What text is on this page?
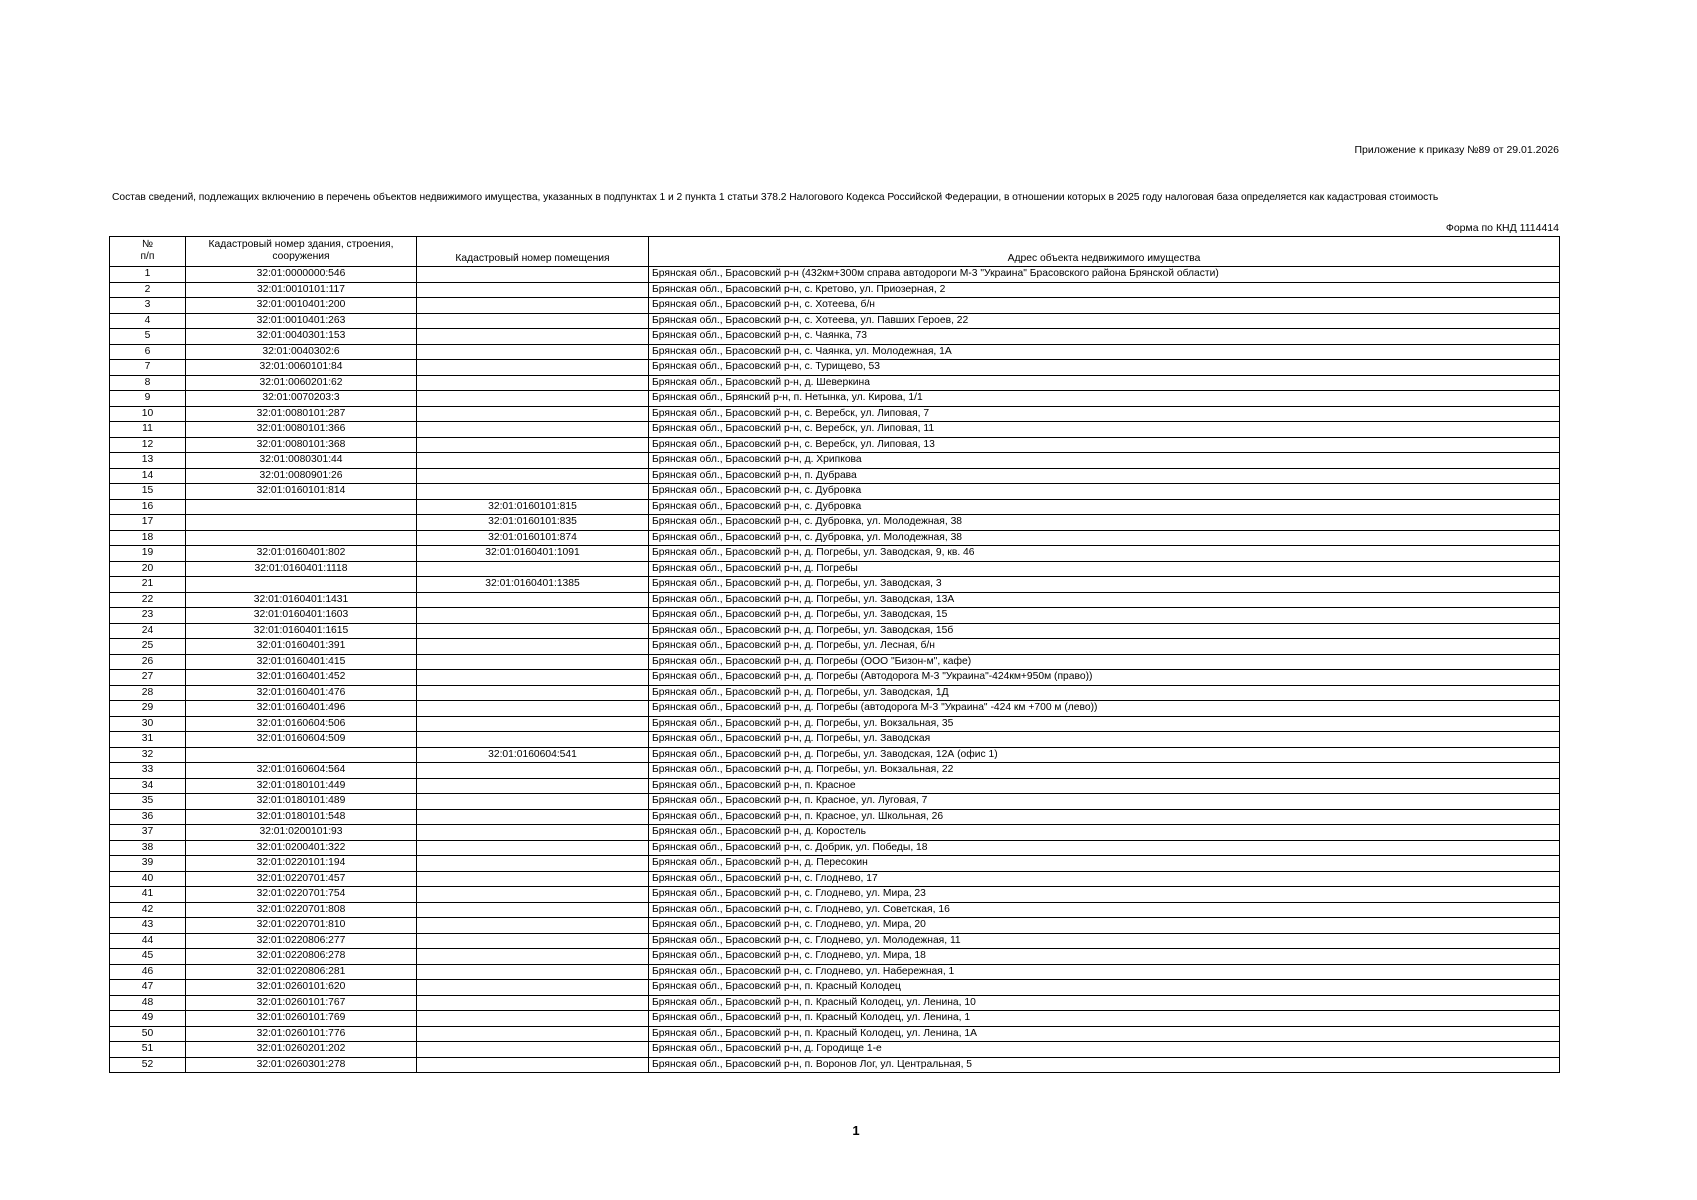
Приложение к приказу №89 от 29.01.2026
Состав сведений, подлежащих включению в перечень объектов недвижимого имущества, указанных в подпунктах 1 и 2 пункта 1 статьи 378.2 Налогового Кодекса Российской Федерации, в отношении которых в 2025 году налоговая база определяется как кадастровая стоимость
Форма по КНД 1114414
№
п/п	Кадастровый номер здания, строения, сооружения	Кадастровый номер помещения	Адрес объекта недвижимого имущества
1	32:01:0000000:546		Брянская обл., Брасовский р-н (432км+300м справа автодороги М-3 "Украина" Брасовского района Брянской области)
2	32:01:0010101:117		Брянская обл., Брасовский р-н, с. Кретово, ул. Приозерная, 2
3	32:01:0010401:200		Брянская обл., Брасовский р-н, с. Хотеева, б/н
4	32:01:0010401:263		Брянская обл., Брасовский р-н, с. Хотеева, ул. Павших Героев, 22
5	32:01:0040301:153		Брянская обл., Брасовский р-н, с. Чаянка, 73
6	32:01:0040302:6		Брянская обл., Брасовский р-н, с. Чаянка, ул. Молодежная, 1А
7	32:01:0060101:84		Брянская обл., Брасовский р-н, с. Турищево, 53
8	32:01:0060201:62		Брянская обл., Брасовский р-н, д. Шеверкина
9	32:01:0070203:3		Брянская обл., Брянский р-н, п. Нетынка, ул. Кирова, 1/1
10	32:01:0080101:287		Брянская обл., Брасовский р-н, с. Веребск, ул. Липовая, 7
11	32:01:0080101:366		Брянская обл., Брасовский р-н, с. Веребск, ул. Липовая, 11
12	32:01:0080101:368		Брянская обл., Брасовский р-н, с. Веребск, ул. Липовая, 13
13	32:01:0080301:44		Брянская обл., Брасовский р-н, д. Хрипкова
14	32:01:0080901:26		Брянская обл., Брасовский р-н, п. Дубрава
15	32:01:0160101:814		Брянская обл., Брасовский р-н, с. Дубровка
16		32:01:0160101:815	Брянская обл., Брасовский р-н, с. Дубровка
17		32:01:0160101:835	Брянская обл., Брасовский р-н, с. Дубровка, ул. Молодежная, 38
18		32:01:0160101:874	Брянская обл., Брасовский р-н, с. Дубровка, ул. Молодежная, 38
19	32:01:0160401:802	32:01:0160401:1091	Брянская обл., Брасовский р-н, д. Погребы, ул. Заводская, 9, кв. 46
20	32:01:0160401:1118		Брянская обл., Брасовский р-н, д. Погребы
21		32:01:0160401:1385	Брянская обл., Брасовский р-н, д. Погребы, ул. Заводская, 3
22	32:01:0160401:1431		Брянская обл., Брасовский р-н, д. Погребы, ул. Заводская, 13А
23	32:01:0160401:1603		Брянская обл., Брасовский р-н, д. Погребы, ул. Заводская, 15
24	32:01:0160401:1615		Брянская обл., Брасовский р-н, д. Погребы, ул. Заводская, 15б
25	32:01:0160401:391		Брянская обл., Брасовский р-н, д. Погребы, ул. Лесная, б/н
26	32:01:0160401:415		Брянская обл., Брасовский р-н, д. Погребы (ООО "Бизон-м", кафе)
27	32:01:0160401:452		Брянская обл., Брасовский р-н, д. Погребы (Автодорога М-3 "Украина"-424км+950м (право))
28	32:01:0160401:476		Брянская обл., Брасовский р-н, д. Погребы, ул. Заводская, 1Д
29	32:01:0160401:496		Брянская обл., Брасовский р-н, д. Погребы (автодорога М-3 "Украина" -424 км +700 м (лево))
30	32:01:0160604:506		Брянская обл., Брасовский р-н, д. Погребы, ул. Вокзальная, 35
31	32:01:0160604:509		Брянская обл., Брасовский р-н, д. Погребы, ул. Заводская
32		32:01:0160604:541	Брянская обл., Брасовский р-н, д. Погребы, ул. Заводская, 12А (офис 1)
33	32:01:0160604:564		Брянская обл., Брасовский р-н, д. Погребы, ул. Вокзальная, 22
34	32:01:0180101:449		Брянская обл., Брасовский р-н, п. Красное
35	32:01:0180101:489		Брянская обл., Брасовский р-н, п. Красное, ул. Луговая, 7
36	32:01:0180101:548		Брянская обл., Брасовский р-н, п. Красное, ул. Школьная, 26
37	32:01:0200101:93		Брянская обл., Брасовский р-н, д. Коростель
38	32:01:0200401:322		Брянская обл., Брасовский р-н, с. Добрик, ул. Победы, 18
39	32:01:0220101:194		Брянская обл., Брасовский р-н, д. Пересокин
40	32:01:0220701:457		Брянская обл., Брасовский р-н, с. Глоднево, 17
41	32:01:0220701:754		Брянская обл., Брасовский р-н, с. Глоднево, ул. Мира, 23
42	32:01:0220701:808		Брянская обл., Брасовский р-н, с. Глоднево, ул. Советская, 16
43	32:01:0220701:810		Брянская обл., Брасовский р-н, с. Глоднево, ул. Мира, 20
44	32:01:0220806:277		Брянская обл., Брасовский р-н, с. Глоднево, ул. Молодежная, 11
45	32:01:0220806:278		Брянская обл., Брасовский р-н, с. Глоднево, ул. Мира, 18
46	32:01:0220806:281		Брянская обл., Брасовский р-н, с. Глоднево, ул. Набережная, 1
47	32:01:0260101:620		Брянская обл., Брасовский р-н, п. Красный Колодец
48	32:01:0260101:767		Брянская обл., Брасовский р-н, п. Красный Колодец, ул. Ленина, 10
49	32:01:0260101:769		Брянская обл., Брасовский р-н, п. Красный Колодец, ул. Ленина, 1
50	32:01:0260101:776		Брянская обл., Брасовский р-н, п. Красный Колодец, ул. Ленина, 1А
51	32:01:0260201:202		Брянская обл., Брасовский р-н, д. Городище 1-е
52	32:01:0260301:278		Брянская обл., Брасовский р-н, п. Воронов Лог, ул. Центральная, 5
1
